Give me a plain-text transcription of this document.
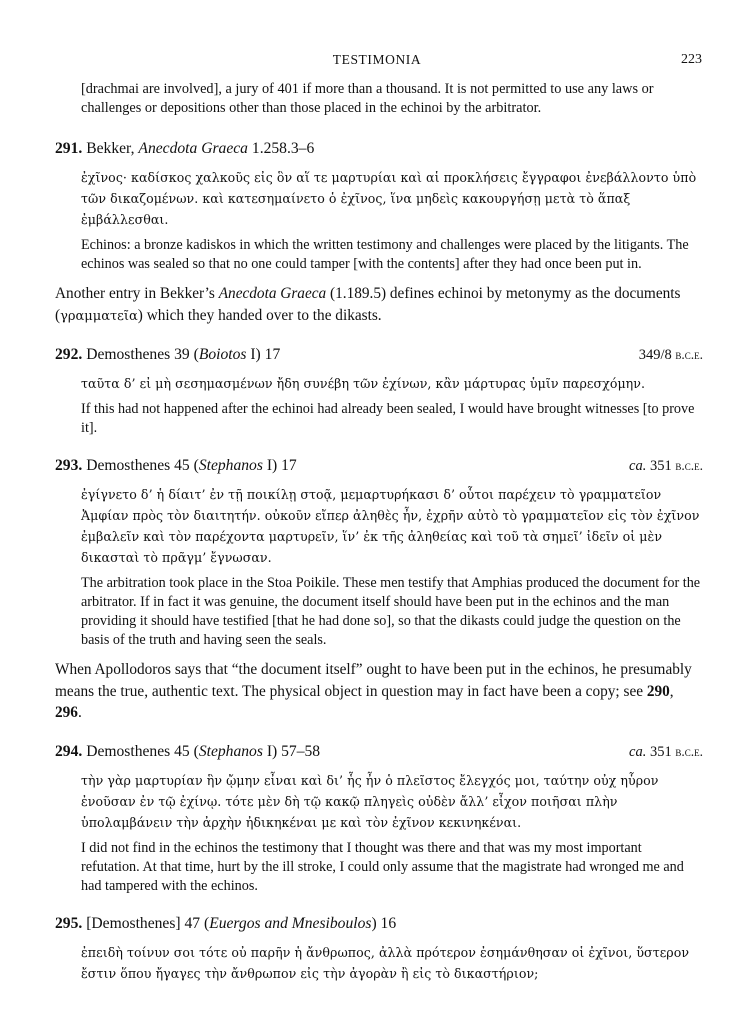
TESTIMONIA	223

[drachmai are involved], a jury of 401 if more than a thousand. It is not permitted to use any laws or challenges or depositions other than those placed in the echinoi by the arbitrator.

291. Bekker, Anecdota Graeca 1.258.3–6

ἐχῖνος· καδίσκος χαλκοῦς εἰς ὃν αἵ τε μαρτυρίαι καὶ αἱ προκλήσεις ἔγγραφοι ἐνεβάλλοντο ὑπὸ τῶν δικαζομένων. καὶ κατεσημαίνετο ὁ ἐχῖνος, ἵνα μηδεὶς κακουργήσῃ μετὰ τὸ ἅπαξ ἐμβάλλεσθαι.

Echinos: a bronze kadiskos in which the written testimony and challenges were placed by the litigants. The echinos was sealed so that no one could tamper [with the contents] after they had once been put in.

Another entry in Bekker’s Anecdota Graeca (1.189.5) defines echinoi by metonymy as the documents (γραμματεῖα) which they handed over to the dikasts.

292. Demosthenes 39 (Boiotos I) 17	349/8 b.c.e.

ταῦτα δ’ εἰ μὴ σεσημασμένων ἤδη συνέβη τῶν ἐχίνων, κἂν μάρτυρας ὑμῖν παρεσχόμην.

If this had not happened after the echinoi had already been sealed, I would have brought witnesses [to prove it].

293. Demosthenes 45 (Stephanos I) 17	ca. 351 b.c.e.

ἐγίγνετο δ’ ἡ δίαιτ’ ἐν τῇ ποικίλῃ στοᾷ, μεμαρτυρήκασι δ’ οὗτοι παρέχειν τὸ γραμματεῖον Ἀμφίαν πρὸς τὸν διαιτητήν. οὐκοῦν εἴπερ ἀληθὲς ἦν, ἐχρῆν αὐτὸ τὸ γραμματεῖον εἰς τὸν ἐχῖνον ἐμβαλεῖν καὶ τὸν παρέχοντα μαρτυρεῖν, ἵν’ ἐκ τῆς ἀληθείας καὶ τοῦ τὰ σημεῖ’ ἰδεῖν οἱ μὲν δικασταὶ τὸ πρᾶγμ’ ἔγνωσαν.

The arbitration took place in the Stoa Poikile. These men testify that Amphias produced the document for the arbitrator. If in fact it was genuine, the document itself should have been put in the echinos and the man providing it should have testified [that he had done so], so that the dikasts could judge the question on the basis of the truth and having seen the seals.

When Apollodoros says that “the document itself” ought to have been put in the echinos, he presumably means the true, authentic text. The physical object in question may in fact have been a copy; see 290, 296.

294. Demosthenes 45 (Stephanos I) 57–58	ca. 351 b.c.e.

τὴν γὰρ μαρτυρίαν ἣν ᾤμην εἶναι καὶ δι’ ἧς ἦν ὁ πλεῖστος ἔλεγχός μοι, ταύτην οὐχ ηὗρον ἐνοῦσαν ἐν τῷ ἐχίνῳ. τότε μὲν δὴ τῷ κακῷ πληγεὶς οὐδὲν ἄλλ’ εἶχον ποιῆσαι πλὴν ὑπολαμβάνειν τὴν ἀρχὴν ἠδικηκέναι με καὶ τὸν ἐχῖνον κεκινηκέναι.

I did not find in the echinos the testimony that I thought was there and that was my most important refutation. At that time, hurt by the ill stroke, I could only assume that the magistrate had wronged me and had tampered with the echinos.

295. [Demosthenes] 47 (Euergos and Mnesiboulos) 16

ἐπειδὴ τοίνυν σοι τότε οὐ παρῆν ἡ ἄνθρωπος, ἀλλὰ πρότερον ἐσημάνθησαν οἱ ἐχῖνοι, ὕστερον ἔστιν ὅπου ἤγαγες τὴν ἄνθρωπον εἰς τὴν ἀγορὰν ἢ εἰς τὸ δικαστήριον;
